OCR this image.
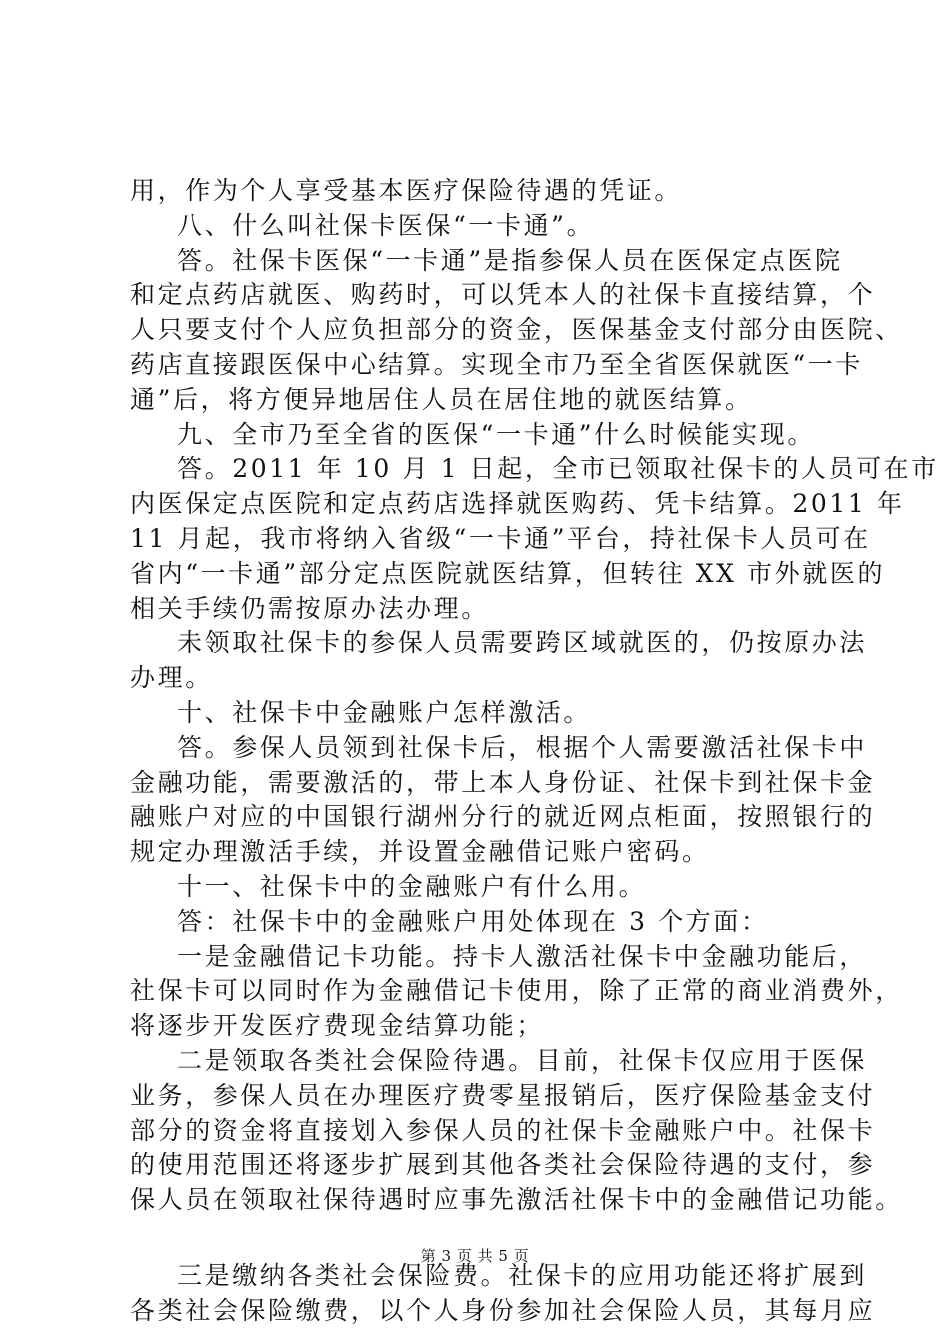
用，作为个人享受基本医疗保险待遇的凭证。
八、什么叫社保卡医保“一卡通”。
答。社保卡医保“一卡通”是指参保人员在医保定点医院
和定点药店就医、购药时，可以凭本人的社保卡直接结算，个
人只要支付个人应负担部分的资金，医保基金支付部分由医院、
药店直接跟医保中心结算。实现全市乃至全省医保就医“一卡
通”后，将方便异地居住人员在居住地的就医结算。
九、全市乃至全省的医保“一卡通”什么时候能实现。
答。2011 年 10 月 1 日起，全市已领取社保卡的人员可在市
内医保定点医院和定点药店选择就医购药、凭卡结算。2011 年
11 月起，我市将纳入省级“一卡通”平台，持社保卡人员可在
省内“一卡通”部分定点医院就医结算，但转往 XX 市外就医的
相关手续仍需按原办法办理。
未领取社保卡的参保人员需要跨区域就医的，仍按原办法
办理。
十、社保卡中金融账户怎样激活。
答。参保人员领到社保卡后，根据个人需要激活社保卡中
金融功能，需要激活的，带上本人身份证、社保卡到社保卡金
融账户对应的中国银行湖州分行的就近网点柜面，按照银行的
规定办理激活手续，并设置金融借记账户密码。
十一、社保卡中的金融账户有什么用。
答：社保卡中的金融账户用处体现在 3 个方面：
一是金融借记卡功能。持卡人激活社保卡中金融功能后，
社保卡可以同时作为金融借记卡使用，除了正常的商业消费外，
将逐步开发医疗费现金结算功能；
二是领取各类社会保险待遇。目前，社保卡仅应用于医保
业务，参保人员在办理医疗费零星报销后，医疗保险基金支付
部分的资金将直接划入参保人员的社保卡金融账户中。社保卡
的使用范围还将逐步扩展到其他各类社会保险待遇的支付，参
保人员在领取社保待遇时应事先激活社保卡中的金融借记功能。
三是缴纳各类社会保险费。社保卡的应用功能还将扩展到
各类社会保险缴费，以个人身份参加社会保险人员，其每月应
第 3 页 共 5 页
